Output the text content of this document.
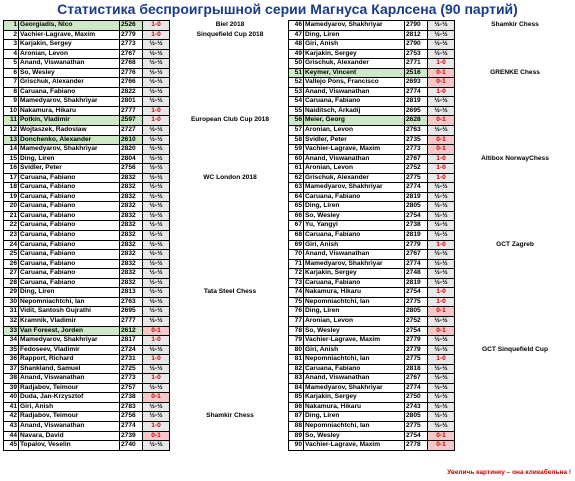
Статистика беспроигрышной серии Магнуса Карлсена (90 партий)
1	Georgiadis, Nico	2526	1-0	Biel 2018
2	Vachier-Lagrave, Maxim	2779	1-0	Sinquefield Cup 2018
3	Karjakin, Sergey	2773	½-½	
4	Aronian, Levon	2767	½-½	
5	Anand, Viswanathan	2768	½-½	
6	So, Wesley	2776	½-½	
7	Grischuk, Alexander	2766	½-½	
8	Caruana, Fabiano	2822	½-½	
9	Mamedyarov, Shakhriyar	2801	½-½	
10	Nakamura, Hikaru	2777	1-0	
11	Potkin, Vladimir	2597	1-0	European Club Cup 2018
12	Wojtaszek, Radoslaw	2727	½-½	
13	Donchenko, Alexander	2610	½-½	
14	Mamedyarov, Shakhriyar	2820	½-½	
15	Ding, Liren	2804	½-½	
16	Svidler, Peter	2756	½-½	
17	Caruana, Fabiano	2832	½-½	WC London 2018
18	Caruana, Fabiano	2832	½-½	
19	Caruana, Fabiano	2832	½-½	
20	Caruana, Fabiano	2832	½-½	
21	Caruana, Fabiano	2832	½-½	
22	Caruana, Fabiano	2832	½-½	
23	Caruana, Fabiano	2832	½-½	
24	Caruana, Fabiano	2832	½-½	
25	Caruana, Fabiano	2832	½-½	
26	Caruana, Fabiano	2832	½-½	
27	Caruana, Fabiano	2832	½-½	
28	Caruana, Fabiano	2832	½-½	
29	Ding, Liren	2813	½-½	Tata Steel Chess
30	Nepomniachtchi, Ian	2763	½-½	
31	Vidit, Santosh Gujrathi	2695	½-½	
32	Kramnik, Vladimir	2777	½-½	
33	Van Foreest, Jorden	2612	0-1	
34	Mamedyarov, Shakhriyar	2817	1-0	
35	Fedoseev, Vladimir	2724	½-½	
36	Rapport, Richard	2731	1-0	
37	Shankland, Samuel	2725	½-½	
38	Anand, Viswanathan	2773	1-0	
39	Radjabov, Teimour	2757	½-½	
40	Duda, Jan-Krzysztof	2738	0-1	
41	Giri, Anish	2783	½-½	
42	Radjabov, Teimour	2756	½-½	Shamkir Chess
43	Anand, Viswanathan	2774	1-0	
44	Navara, David	2739	0-1	
45	Topalov, Veselin	2740	½-½	
46	Mamedyarov, Shakhriyar	2790	½-½	Shamkir Chess
47	Ding, Liren	2812	½-½	
48	Giri, Anish	2790	½-½	
49	Karjakin, Sergey	2753	½-½	
50	Grischuk, Alexander	2771	1-0	
51	Keymer, Vincent	2516	0-1	GRENKE Chess
52	Vallejo Pons, Francisco	2693	0-1	
53	Anand, Viswanathan	2774	1-0	
54	Caruana, Fabiano	2819	½-½	
55	Naiditsch, Arkadij	2695	½-½	
56	Meier, Georg	2628	0-1	
57	Aronian, Levon	2763	½-½	
58	Svidler, Peter	2735	0-1	
59	Vachier-Lagrave, Maxim	2773	0-1	
60	Anand, Viswanathan	2767	1-0	Altibox NorwayChess
61	Aronian, Levon	2752	1-0	
62	Grischuk, Alexander	2775	1-0	
63	Mamedyarov, Shakhriyar	2774	½-½	
64	Caruana, Fabiano	2819	½-½	
65	Ding, Liren	2805	½-½	
66	So, Wesley	2754	½-½	
67	Yu, Yangyi	2738	½-½	
68	Caruana, Fabiano	2819	½-½	
69	Giri, Anish	2779	1-0	GCT Zagreb
70	Anand, Viswanathan	2767	½-½	
71	Mamedyarov, Shakhriyar	2774	½-½	
72	Karjakin, Sergey	2748	½-½	
73	Caruana, Fabiano	2819	½-½	
74	Nakamura, Hikaru	2754	1-0	
75	Nepomniachtchi, Ian	2775	1-0	
76	Ding, Liren	2805	0-1	
77	Aronian, Levon	2752	½-½	
78	So, Wesley	2754	0-1	
79	Vachier-Lagrave, Maxim	2779	½-½	
80	Giri, Anish	2779	½-½	GCT Sinquefield Cup
81	Nepomniachtchi, Ian	2775	1-0	
82	Caruana, Fabiano	2818	½-½	
83	Anand, Viswanathan	2767	½-½	
84	Mamedyarov, Shakhriyar	2774	½-½	
85	Karjakin, Sergey	2750	½-½	
86	Nakamura, Hikaru	2743	½-½	
87	Ding, Liren	2805	½-½	
88	Nepomniachtchi, Ian	2775	½-½	
89	So, Wesley	2754	0-1	
90	Vachier-Lagrave, Maxim	2778	0-1	
Увеличь картинку – она кликабельна !
